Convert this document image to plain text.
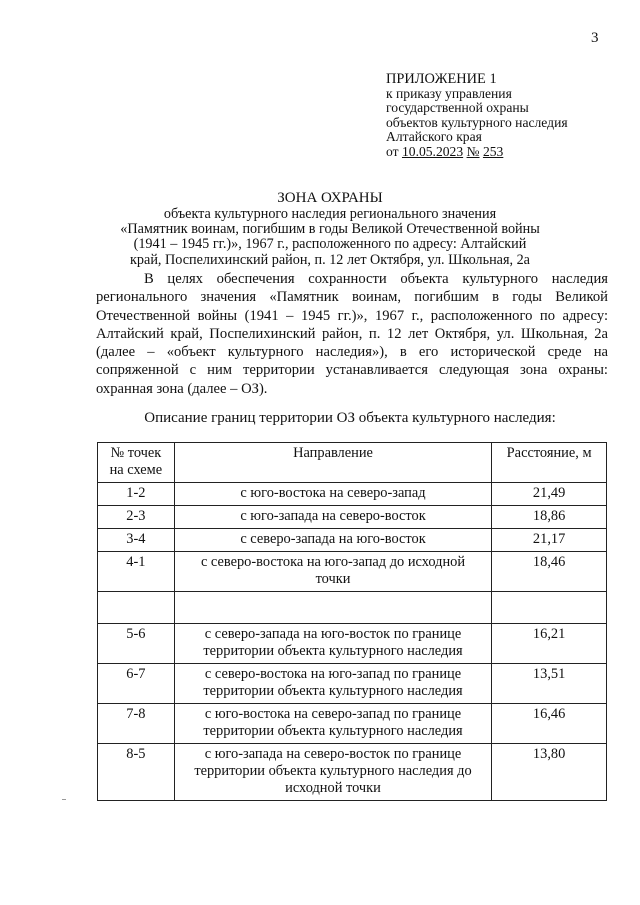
3
ПРИЛОЖЕНИЕ 1
к приказу управления
государственной охраны
объектов культурного наследия
Алтайского края
от 10.05.2023 № 253
ЗОНА ОХРАНЫ
объекта культурного наследия регионального значения
«Памятник воинам, погибшим в годы Великой Отечественной войны
(1941 – 1945 гг.)», 1967 г., расположенного по адресу: Алтайский
край, Поспелихинский район, п. 12 лет Октября, ул. Школьная, 2а
В целях обеспечения сохранности объекта культурного наследия
регионального значения «Памятник воинам, погибшим в годы Великой
Отечественной войны (1941 – 1945 гг.)», 1967 г., расположенного по адресу:
Алтайский край, Поспелихинский район, п. 12 лет Октября, ул. Школьная, 2а
(далее – «объект культурного наследия»), в его исторической среде на
сопряженной с ним территории устанавливается следующая зона охраны:
охранная зона (далее – ОЗ).
Описание границ территории ОЗ объекта культурного наследия:
№ точек
на схеме	Направление	Расстояние, м
1-2	с юго-востока на северо-запад	21,49
2-3	с юго-запада на северо-восток	18,86
3-4	с северо-запада на юго-восток	21,17
4-1	с северо-востока на юго-запад до исходной
точки	18,46

5-6	с северо-запада на юго-восток по границе
территории объекта культурного наследия	16,21
6-7	с северо-востока на юго-запад по границе
территории объекта культурного наследия	13,51
7-8	с юго-востока на северо-запад по границе
территории объекта культурного наследия	16,46
8-5	с юго-запада на северо-восток по границе
территории объекта культурного наследия до
исходной точки	13,80
